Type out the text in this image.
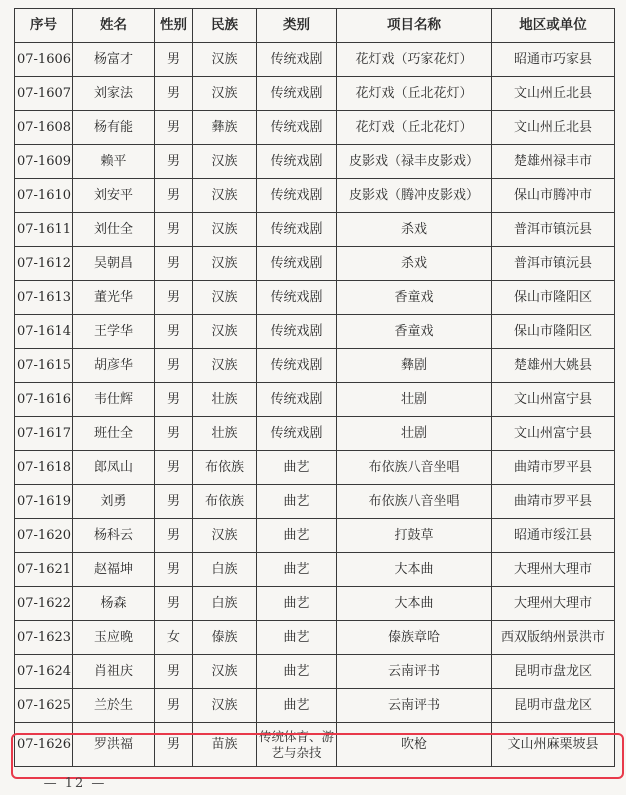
序号	姓名	性别	民族	类别	项目名称	地区或单位
07-1606	杨富才	男	汉族	传统戏剧	花灯戏（巧家花灯）	昭通市巧家县
07-1607	刘家法	男	汉族	传统戏剧	花灯戏（丘北花灯）	文山州丘北县
07-1608	杨有能	男	彝族	传统戏剧	花灯戏（丘北花灯）	文山州丘北县
07-1609	赖平	男	汉族	传统戏剧	皮影戏（禄丰皮影戏）	楚雄州禄丰市
07-1610	刘安平	男	汉族	传统戏剧	皮影戏（腾冲皮影戏）	保山市腾冲市
07-1611	刘仕全	男	汉族	传统戏剧	杀戏	普洱市镇沅县
07-1612	吴朝昌	男	汉族	传统戏剧	杀戏	普洱市镇沅县
07-1613	董光华	男	汉族	传统戏剧	香童戏	保山市隆阳区
07-1614	王学华	男	汉族	传统戏剧	香童戏	保山市隆阳区
07-1615	胡彦华	男	汉族	传统戏剧	彝剧	楚雄州大姚县
07-1616	韦仕辉	男	壮族	传统戏剧	壮剧	文山州富宁县
07-1617	班仕全	男	壮族	传统戏剧	壮剧	文山州富宁县
07-1618	郎凤山	男	布依族	曲艺	布依族八音坐唱	曲靖市罗平县
07-1619	刘勇	男	布依族	曲艺	布依族八音坐唱	曲靖市罗平县
07-1620	杨科云	男	汉族	曲艺	打鼓草	昭通市绥江县
07-1621	赵福坤	男	白族	曲艺	大本曲	大理州大理市
07-1622	杨森	男	白族	曲艺	大本曲	大理州大理市
07-1623	玉应晚	女	傣族	曲艺	傣族章哈	西双版纳州景洪市
07-1624	肖祖庆	男	汉族	曲艺	云南评书	昆明市盘龙区
07-1625	兰於生	男	汉族	曲艺	云南评书	昆明市盘龙区
07-1626	罗洪福	男	苗族	传统体育、游艺与杂技	吹枪	文山州麻栗坡县
— 12 —
